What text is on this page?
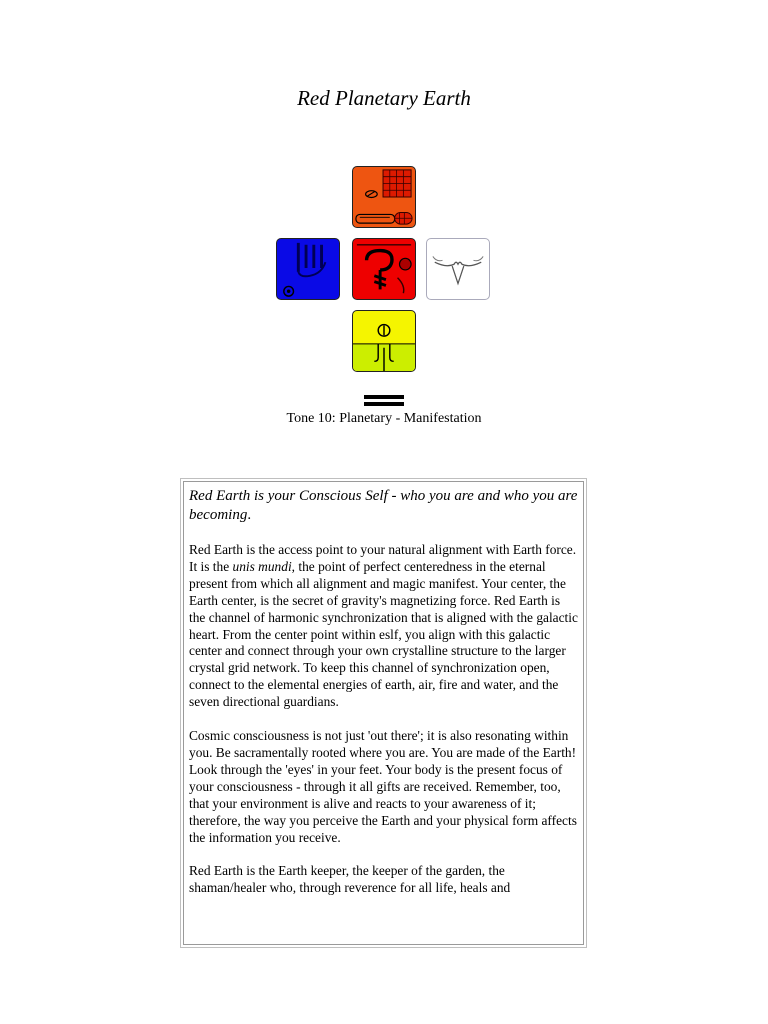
Red Planetary Earth
Tone 10: Planetary - Manifestation

Red Earth is your Conscious Self - who you are and who you are becoming.

Red Earth is the access point to your natural alignment with Earth force. It is the unis mundi, the point of perfect centeredness in the eternal present from which all alignment and magic manifest. Your center, the Earth center, is the secret of gravity's magnetizing force. Red Earth is the channel of harmonic synchronization that is aligned with the galactic heart. From the center point within eslf, you align with this galactic center and connect through your own crystalline structure to the larger crystal grid network. To keep this channel of synchronization open, connect to the elemental energies of earth, air, fire and water, and the seven directional guardians.

Cosmic consciousness is not just 'out there'; it is also resonating within you. Be sacramentally rooted where you are. You are made of the Earth! Look through the 'eyes' in your feet. Your body is the present focus of your consciousness - through it all gifts are received. Remember, too, that your environment is alive and reacts to your awareness of it; therefore, the way you perceive the Earth and your physical form affects the information you receive.

Red Earth is the Earth keeper, the keeper of the garden, the shaman/healer who, through reverence for all life, heals and
